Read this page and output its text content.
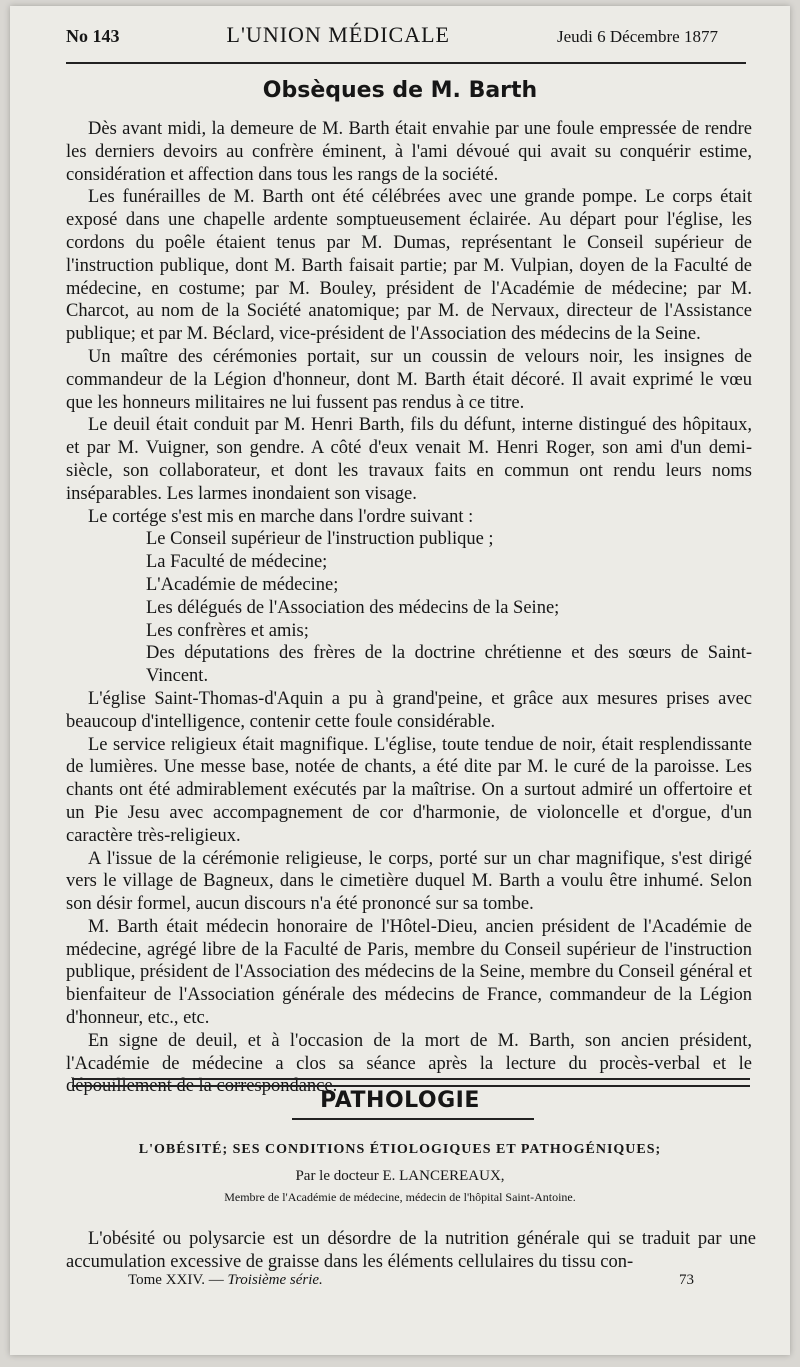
No 143	L'UNION MÉDICALE	Jeudi 6 Décembre 1877
Obsèques de M. Barth

Dès avant midi, la demeure de M. Barth était envahie par une foule empressée de rendre les derniers devoirs au confrère éminent, à l'ami dévoué qui avait su conquérir estime, considération et affection dans tous les rangs de la société.

Les funérailles de M. Barth ont été célébrées avec une grande pompe. Le corps était exposé dans une chapelle ardente somptueusement éclairée. Au départ pour l'église, les cordons du poêle étaient tenus par M. Dumas, représentant le Conseil supérieur de l'instruction publique, dont M. Barth faisait partie; par M. Vulpian, doyen de la Faculté de médecine, en costume; par M. Bouley, président de l'Académie de médecine; par M. Charcot, au nom de la Société anatomique; par M. de Nervaux, directeur de l'Assistance publique; et par M. Béclard, vice-président de l'Association des médecins de la Seine.

Un maître des cérémonies portait, sur un coussin de velours noir, les insignes de commandeur de la Légion d'honneur, dont M. Barth était décoré. Il avait exprimé le vœu que les honneurs militaires ne lui fussent pas rendus à ce titre.

Le deuil était conduit par M. Henri Barth, fils du défunt, interne distingué des hôpitaux, et par M. Vuigner, son gendre. A côté d'eux venait M. Henri Roger, son ami d'un demi-siècle, son collaborateur, et dont les travaux faits en commun ont rendu leurs noms inséparables. Les larmes inondaient son visage.

Le cortége s'est mis en marche dans l'ordre suivant :

Le Conseil supérieur de l'instruction publique ;
La Faculté de médecine;
L'Académie de médecine;
Les délégués de l'Association des médecins de la Seine;
Les confrères et amis;
Des députations des frères de la doctrine chrétienne et des sœurs de Saint-Vincent.

L'église Saint-Thomas-d'Aquin a pu à grand'peine, et grâce aux mesures prises avec beaucoup d'intelligence, contenir cette foule considérable.

Le service religieux était magnifique. L'église, toute tendue de noir, était resplendissante de lumières. Une messe base, notée de chants, a été dite par M. le curé de la paroisse. Les chants ont été admirablement exécutés par la maîtrise. On a surtout admiré un offertoire et un Pie Jesu avec accompagnement de cor d'harmonie, de violoncelle et d'orgue, d'un caractère très-religieux.

A l'issue de la cérémonie religieuse, le corps, porté sur un char magnifique, s'est dirigé vers le village de Bagneux, dans le cimetière duquel M. Barth a voulu être inhumé. Selon son désir formel, aucun discours n'a été prononcé sur sa tombe.

M. Barth était médecin honoraire de l'Hôtel-Dieu, ancien président de l'Académie de médecine, agrégé libre de la Faculté de Paris, membre du Conseil supérieur de l'instruction publique, président de l'Association des médecins de la Seine, membre du Conseil général et bienfaiteur de l'Association générale des médecins de France, commandeur de la Légion d'honneur, etc., etc.

En signe de deuil, et à l'occasion de la mort de M. Barth, son ancien président, l'Académie de médecine a clos sa séance après la lecture du procès-verbal et le dépouillement de la correspondance.

PATHOLOGIE
L'OBÉSITÉ; SES CONDITIONS ÉTIOLOGIQUES ET PATHOGÉNIQUES;
Par le docteur E. LANCEREAUX,
Membre de l'Académie de médecine, médecin de l'hôpital Saint-Antoine.

L'obésité ou polysarcie est un désordre de la nutrition générale qui se traduit par une accumulation excessive de graisse dans les éléments cellulaires du tissu con-

Tome XXIV. — Troisième série.	73
